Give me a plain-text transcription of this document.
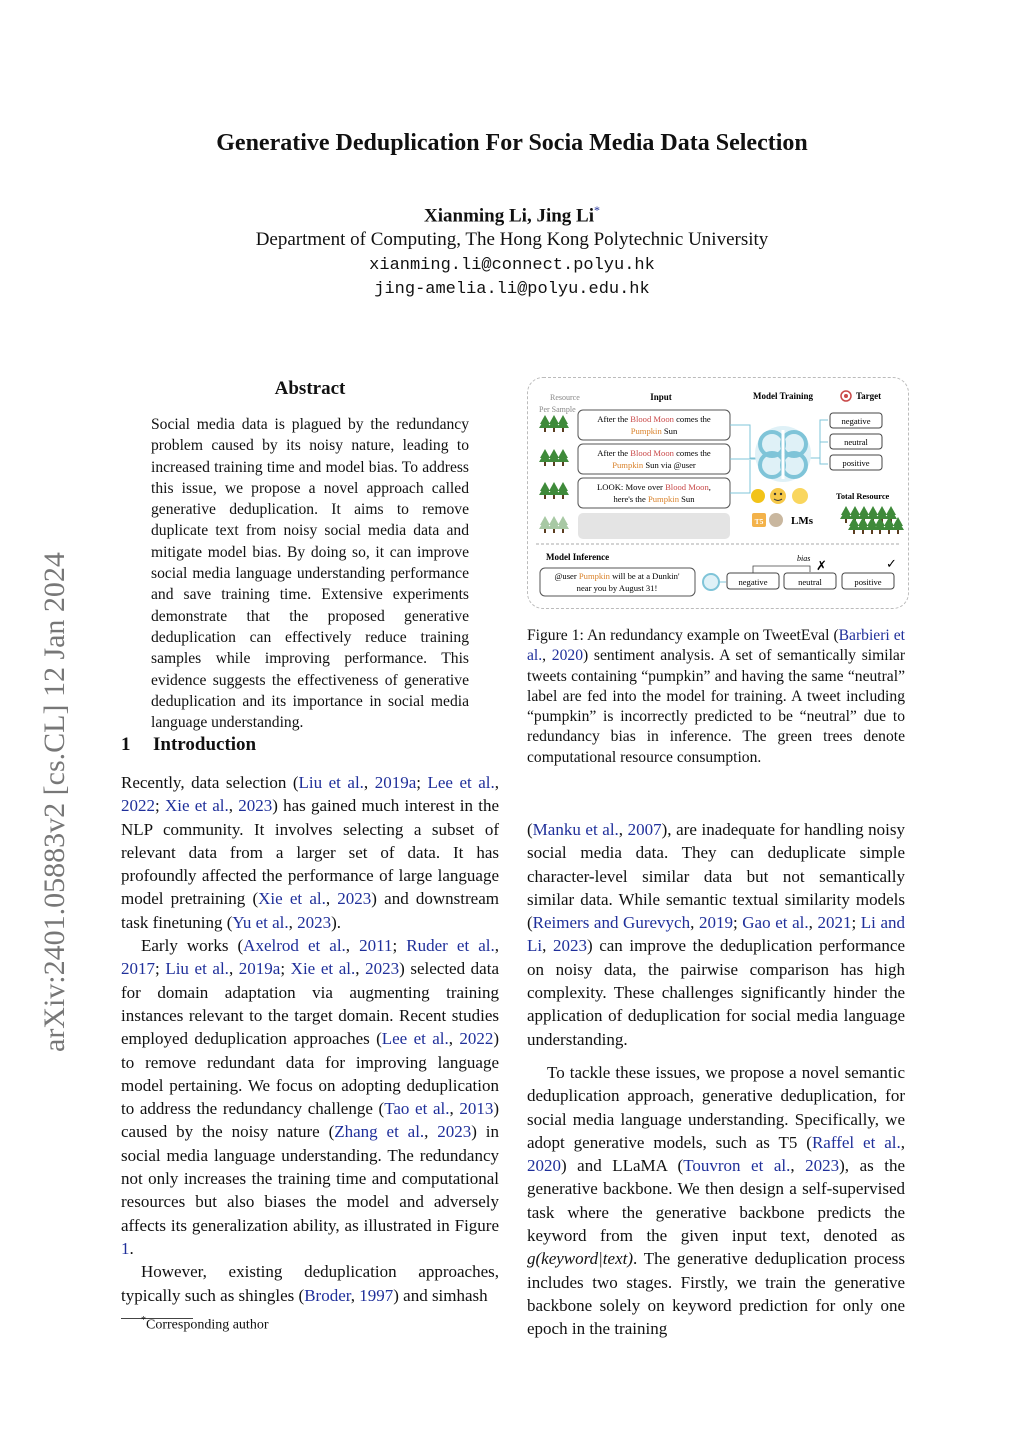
arXiv:2401.05883v2 [cs.CL] 12 Jan 2024
Generative Deduplication For Socia Media Data Selection
Xianming Li, Jing Li*
Department of Computing, The Hong Kong Polytechnic University
xianming.li@connect.polyu.hk
jing-amelia.li@polyu.edu.hk
Abstract
Social media data is plagued by the redundancy problem caused by its noisy nature, leading to increased training time and model bias. To address this issue, we propose a novel approach called generative deduplication. It aims to remove duplicate text from noisy social media data and mitigate model bias. By doing so, it can improve social media language understanding performance and save training time. Extensive experiments demonstrate that the proposed generative deduplication can effectively reduce training samples while improving performance. This evidence suggests the effectiveness of generative deduplication and its importance in social media language understanding.
1 Introduction

Recently, data selection (Liu et al., 2019a; Lee et al., 2022; Xie et al., 2023) has gained much interest in the NLP community. It involves selecting a subset of relevant data from a larger set of data. It has profoundly affected the performance of large language model pretraining (Xie et al., 2023) and downstream task finetuning (Yu et al., 2023).

Early works (Axelrod et al., 2011; Ruder et al., 2017; Liu et al., 2019a; Xie et al., 2023) selected data for domain adaptation via augmenting training instances relevant to the target domain. Recent studies employed deduplication approaches (Lee et al., 2022) to remove redundant data for improving language model pertaining. We focus on adopting deduplication to address the redundancy challenge (Tao et al., 2013) caused by the noisy nature (Zhang et al., 2023) in social media language understanding. The redundancy not only increases the training time and computational resources but also biases the model and adversely affects its generalization ability, as illustrated in Figure 1.

However, existing deduplication approaches, typically such as shingles (Broder, 1997) and simhash

*Corresponding author
Resource
Per Sample
Input	Model Training	Target
After the Blood Moon comes the
Pumpkin Sun
After the Blood Moon comes the
Pumpkin Sun via @user
LOOK: Move over Blood Moon,
here's the Pumpkin Sun
negative
neutral
positive
T5	LMs
Total Resource
Model Inference
@user Pumpkin will be at a Dunkin'
near you by August 31!
negative	neutral	positive
bias ✗	✓
Figure 1: An redundancy example on TweetEval (Barbieri et al., 2020) sentiment analysis. A set of semantically similar tweets containing “pumpkin” and having the same “neutral” label are fed into the model for training. A tweet including “pumpkin” is incorrectly predicted to be “neutral” due to redundancy bias in inference. The green trees denote computational resource consumption.

(Manku et al., 2007), are inadequate for handling noisy social media data. They can deduplicate simple character-level similar data but not semantically similar data. While semantic textual similarity models (Reimers and Gurevych, 2019; Gao et al., 2021; Li and Li, 2023) can improve the deduplication performance on noisy data, the pairwise comparison has high complexity. These challenges significantly hinder the application of deduplication for social media language understanding.

To tackle these issues, we propose a novel semantic deduplication approach, generative deduplication, for social media language understanding. Specifically, we adopt generative models, such as T5 (Raffel et al., 2020) and LLaMA (Touvron et al., 2023), as the generative backbone. We then design a self-supervised task where the generative backbone predicts the keyword from the given input text, denoted as g(keyword|text). The generative deduplication process includes two stages. Firstly, we train the generative backbone solely on keyword prediction for only one epoch in the training
